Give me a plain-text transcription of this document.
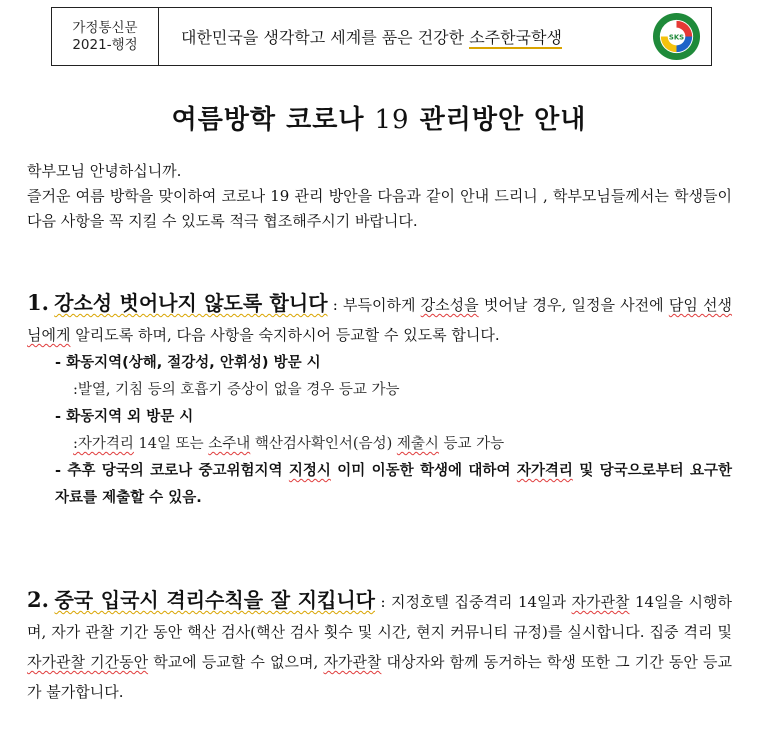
가정통신문
2021-행정	대한민국을 생각학고 세계를 품은 건강한 소주한국학생	SKS
여름방학 코로나 19 관리방안 안내
학부모님 안녕하십니까.
즐거운 여름 방학을 맞이하여 코로나 19 관리 방안을 다음과 같이 안내 드리니 , 학부모님들께서는 학생들이 다음 사항을 꼭 지킬 수 있도록 적극 협조해주시기 바랍니다.
1. 강소성 벗어나지 않도록 합니다 : 부득이하게 강소성을 벗어날 경우, 일정을 사전에 담임 선생님에게 알리도록 하며, 다음 사항을 숙지하시어 등교할 수 있도록 합니다.
- 화동지역(상해, 절강성, 안휘성) 방문 시
:발열, 기침 등의 호흡기 증상이 없을 경우 등교 가능
- 화동지역 외 방문 시
:자가격리 14일 또는 소주내 핵산검사확인서(음성) 제출시 등교 가능
- 추후 당국의 코로나 중고위험지역 지정시 이미 이동한 학생에 대하여 자가격리 및 당국으로부터 요구한 자료를 제출할 수 있음.
2. 중국 입국시 격리수칙을 잘 지킵니다 : 지정호텔 집중격리 14일과 자가관찰 14일을 시행하며, 자가 관찰 기간 동안 핵산 검사(핵산 검사 횟수 및 시간, 현지 커뮤니티 규정)를 실시합니다. 집중 격리 및 자가관찰 기간동안 학교에 등교할 수 없으며, 자가관찰 대상자와 함께 동거하는 학생 또한 그 기간 동안 등교가 불가합니다.
